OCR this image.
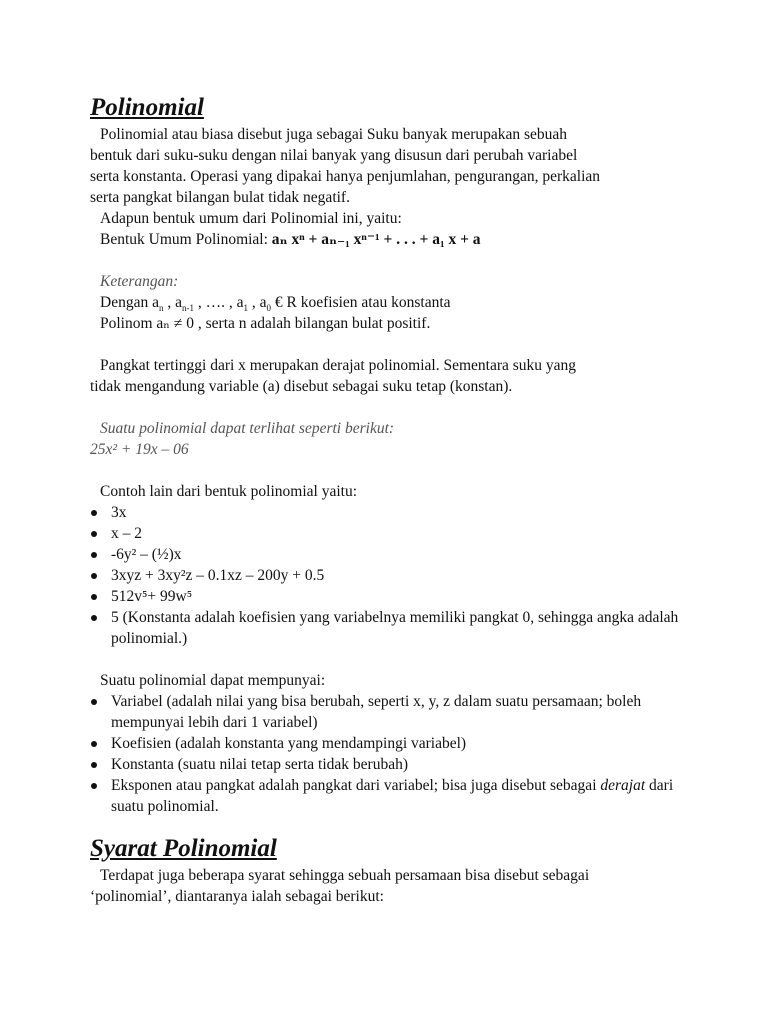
Polinomial

Polinomial atau biasa disebut juga sebagai Suku banyak merupakan sebuah

bentuk dari suku-suku dengan nilai banyak yang disusun dari perubah variabel

serta konstanta. Operasi yang dipakai hanya penjumlahan, pengurangan, perkalian

serta pangkat bilangan bulat tidak negatif.

Adapun bentuk umum dari Polinomial ini, yaitu:

Bentuk Umum Polinomial: aₙ xⁿ + aₙ₋₁ xⁿ⁻¹ + . . . + a₁ x + a

Keterangan:

Dengan $a_n$ , $a_{n-1}$ , …. , $a_1$ , $a_0$ € R koefisien atau konstanta

Polinom aₙ ≠ 0 , serta n adalah bilangan bulat positif.

Pangkat tertinggi dari x merupakan derajat polinomial. Sementara suku yang

tidak mengandung variable (a) disebut sebagai suku tetap (konstan).

Suatu polinomial dapat terlihat seperti berikut:

25x² + 19x – 06

Contoh lain dari bentuk polinomial yaitu:

3x
x – 2
-6y² – (½)x
3xyz + 3xy²z – 0.1xz – 200y + 0.5
512v⁵+ 99w⁵
5 (Konstanta adalah koefisien yang variabelnya memiliki pangkat 0, sehingga angka adalah polinomial.)

Suatu polinomial dapat mempunyai:

Variabel (adalah nilai yang bisa berubah, seperti x, y, z dalam suatu persamaan; boleh mempunyai lebih dari 1 variabel)
Koefisien (adalah konstanta yang mendampingi variabel)
Konstanta (suatu nilai tetap serta tidak berubah)
Eksponen atau pangkat adalah pangkat dari variabel; bisa juga disebut sebagai derajat dari suatu polinomial.
Syarat Polinomial

Terdapat juga beberapa syarat sehingga sebuah persamaan bisa disebut sebagai

‘polinomial’, diantaranya ialah sebagai berikut:
